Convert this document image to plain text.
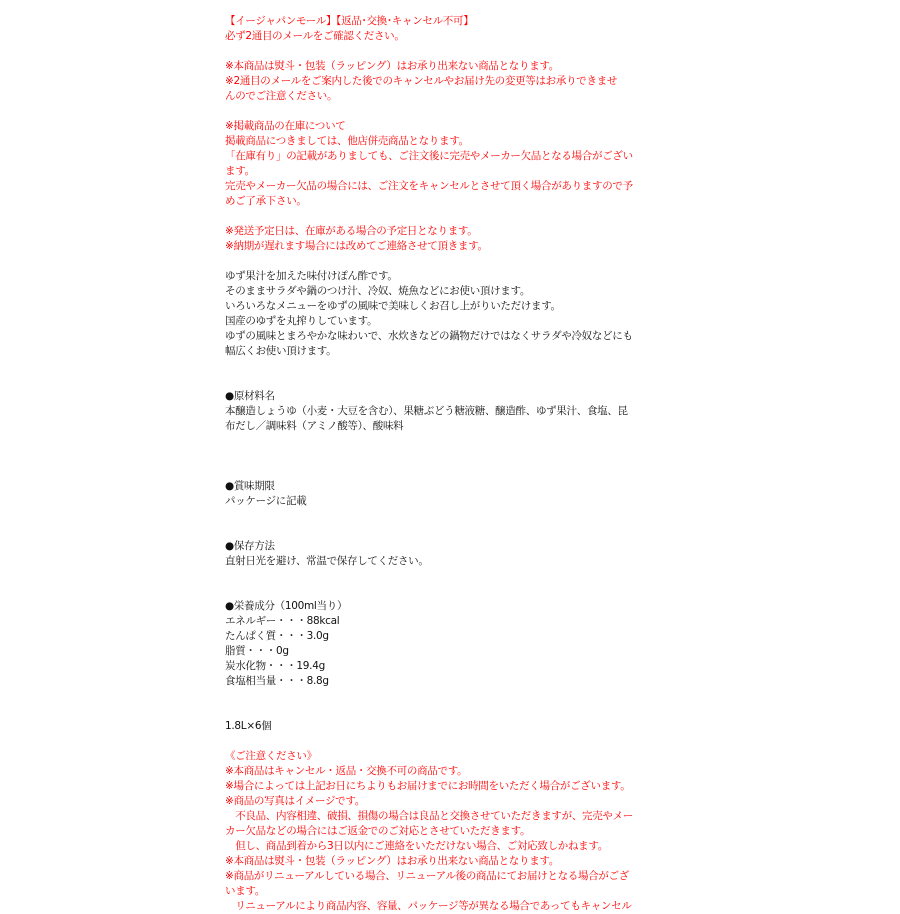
【イージャパンモール】【返品･交換･キャンセル不可】
必ず2通目のメールをご確認ください。
※本商品は熨斗・包装（ラッピング）はお承り出来ない商品となります。
※2通目のメールをご案内した後でのキャンセルやお届け先の変更等はお承りできませ
んのでご注意ください。
※掲載商品の在庫について
掲載商品につきましては、他店併売商品となります。
「在庫有り」の記載がありましても、ご注文後に完売やメーカー欠品となる場合がござい
ます。
完売やメーカー欠品の場合には、ご注文をキャンセルとさせて頂く場合がありますので予
めご了承下さい。
※発送予定日は、在庫がある場合の予定日となります。
※納期が遅れます場合には改めてご連絡させて頂きます。
ゆず果汁を加えた味付けぽん酢です。
そのままサラダや鍋のつけ汁、冷奴、焼魚などにお使い頂けます。
いろいろなメニューをゆずの風味で美味しくお召し上がりいただけます。
国産のゆずを丸搾りしています。
ゆずの風味とまろやかな味わいで、水炊きなどの鍋物だけではなくサラダや冷奴などにも
幅広くお使い頂けます。
●原材料名
本醸造しょうゆ（小麦・大豆を含む）、果糖ぶどう糖液糖、醸造酢、ゆず果汁、食塩、昆
布だし／調味料（アミノ酸等）、酸味料
●賞味期限
パッケージに記載
●保存方法
直射日光を避け、常温で保存してください。
●栄養成分（100ml当り）
エネルギー・・・88kcal
たんぱく質・・・3.0g
脂質・・・0g
炭水化物・・・19.4g
食塩相当量・・・8.8g
1.8L×6個
《ご注意ください》
※本商品はキャンセル・返品・交換不可の商品です。
※場合によっては上記お日にちよりもお届けまでにお時間をいただく場合がございます。
※商品の写真はイメージです。
　不良品、内容相違、破損、損傷の場合は良品と交換させていただきますが、完売やメー
カー欠品などの場合にはご返金でのご対応とさせていただきます。
　但し、商品到着から3日以内にご連絡をいただけない場合、ご対応致しかねます。
※本商品は熨斗・包装（ラッピング）はお承り出来ない商品となります。
※商品がリニューアルしている場合、リニューアル後の商品にてお届けとなる場合がござ
います。
　リニューアルにより商品内容、容量、パッケージ等が異なる場合であってもキャンセル
